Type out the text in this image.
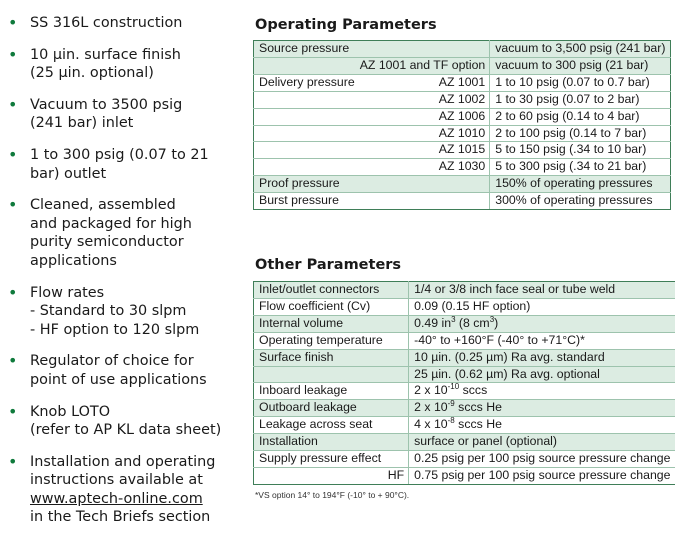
• SS 316L construction
• 10 µin. surface finish
(25 µin. optional)
• Vacuum to 3500 psig
(241 bar) inlet
• 1 to 300 psig (0.07 to 21
bar) outlet
• Cleaned, assembled
and packaged for high
purity semiconductor
applications
• Flow rates
- Standard to 30 slpm
- HF option to 120 slpm
• Regulator of choice for
point of use applications
• Knob LOTO
(refer to AP KL data sheet)
• Installation and operating
instructions available at
www.aptech-online.com
in the Tech Briefs section
Operating Parameters
Source pressure		vacuum to 3,500 psig (241 bar)
	AZ 1001 and TF option	vacuum to 300 psig (21 bar)
Delivery pressure	AZ 1001	1 to 10 psig (0.07 to 0.7 bar)
	AZ 1002	1 to 30 psig (0.07 to 2 bar)
	AZ 1006	2 to 60 psig (0.14 to 4 bar)
	AZ 1010	2 to 100 psig (0.14 to 7 bar)
	AZ 1015	5 to 150 psig (.34 to 10 bar)
	AZ 1030	5 to 300 psig (.34 to 21 bar)
Proof pressure		150% of operating pressures
Burst pressure		300% of operating pressures
Other Parameters
Inlet/outlet connectors		1/4 or 3/8 inch face seal or tube weld
Flow coefficient (Cv)		0.09 (0.15 HF option)
Internal volume		0.49 $in^3$ (8 $cm^3$)
Operating temperature		-40° to +160°F (-40° to +71°C)*
Surface finish		10 µin. (0.25 µm) Ra avg. standard
		25 µin. (0.62 µm) Ra avg. optional
Inboard leakage		2 x $10^{-10}$ sccs
Outboard leakage		2 x $10^{-9}$ sccs He
Leakage across seat		4 x $10^{-8}$ sccs He
Installation		surface or panel (optional)
Supply pressure effect		0.25 psig per 100 psig source pressure change
	HF	0.75 psig per 100 psig source pressure change
*VS option 14° to 194°F (-10° to + 90°C).
